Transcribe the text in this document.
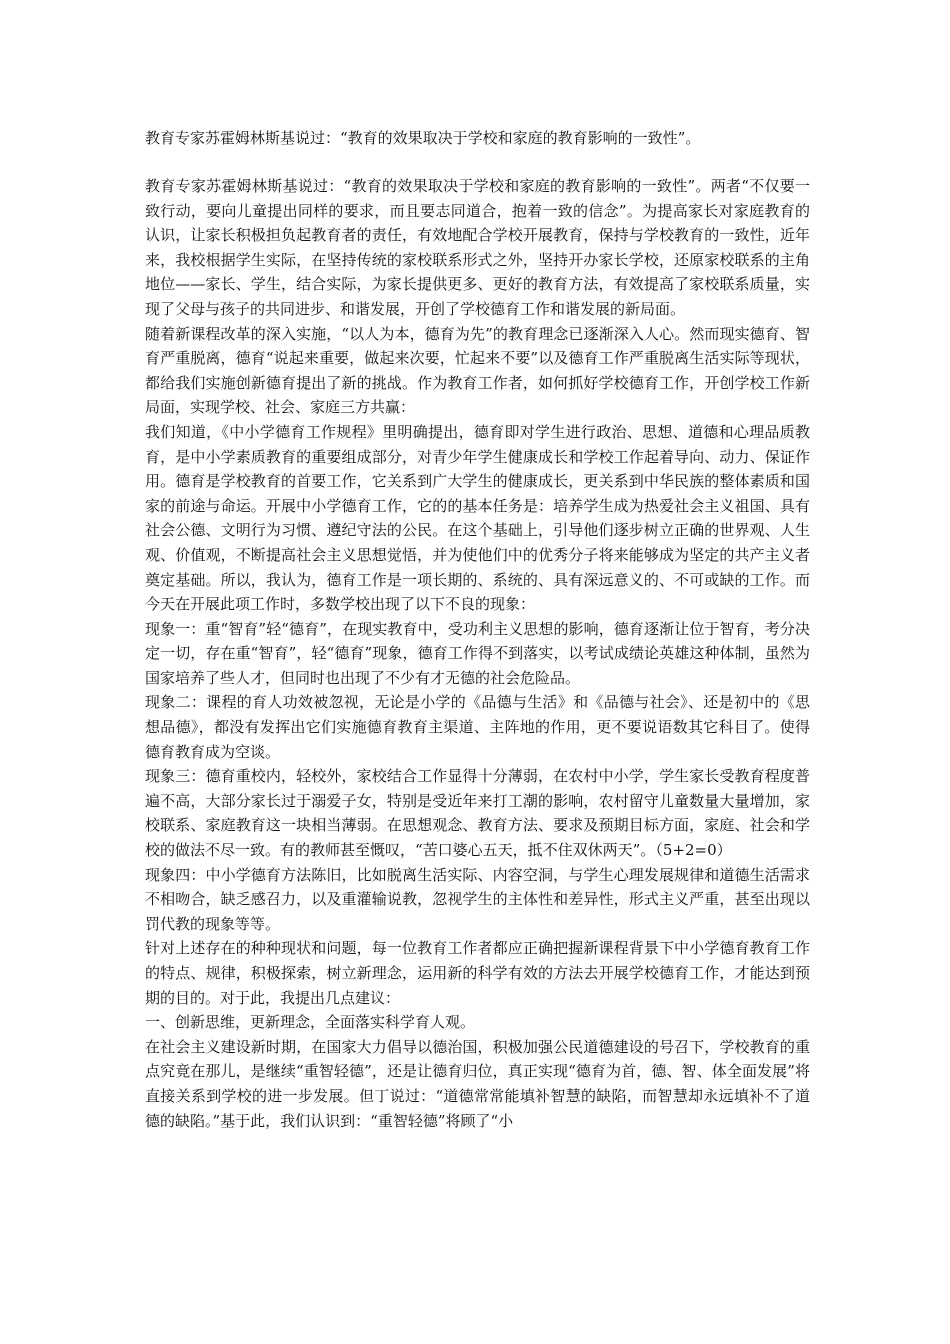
教育专家苏霍姆林斯基说过：“教育的效果取决于学校和家庭的教育影响的一致性”。

教育专家苏霍姆林斯基说过：“教育的效果取决于学校和家庭的教育影响的一致性”。两者“不仅要一致行动，要向儿童提出同样的要求，而且要志同道合，抱着一致的信念”。为提高家长对家庭教育的认识，让家长积极担负起教育者的责任，有效地配合学校开展教育，保持与学校教育的一致性，近年来，我校根据学生实际，在坚持传统的家校联系形式之外，坚持开办家长学校，还原家校联系的主角地位——家长、学生，结合实际，为家长提供更多、更好的教育方法，有效提高了家校联系质量，实现了父母与孩子的共同进步、和谐发展，开创了学校德育工作和谐发展的新局面。

随着新课程改革的深入实施，“以人为本，德育为先”的教育理念已逐渐深入人心。然而现实德育、智育严重脱离，德育“说起来重要，做起来次要，忙起来不要”以及德育工作严重脱离生活实际等现状，都给我们实施创新德育提出了新的挑战。作为教育工作者，如何抓好学校德育工作，开创学校工作新局面，实现学校、社会、家庭三方共赢：

我们知道，《中小学德育工作规程》里明确提出，德育即对学生进行政治、思想、道德和心理品质教育，是中小学素质教育的重要组成部分，对青少年学生健康成长和学校工作起着导向、动力、保证作用。德育是学校教育的首要工作，它关系到广大学生的健康成长，更关系到中华民族的整体素质和国家的前途与命运。开展中小学德育工作，它的的基本任务是：培养学生成为热爱社会主义祖国、具有社会公德、文明行为习惯、遵纪守法的公民。在这个基础上，引导他们逐步树立正确的世界观、人生观、价值观，不断提高社会主义思想觉悟，并为使他们中的优秀分子将来能够成为坚定的共产主义者奠定基础。所以，我认为，德育工作是一项长期的、系统的、具有深远意义的、不可或缺的工作。而今天在开展此项工作时，多数学校出现了以下不良的现象：

现象一：重“智育”轻“德育”，在现实教育中，受功利主义思想的影响，德育逐渐让位于智育，考分决定一切，存在重“智育”，轻“德育”现象，德育工作得不到落实，以考试成绩论英雄这种体制，虽然为国家培养了些人才，但同时也出现了不少有才无德的社会危险品。

现象二：课程的育人功效被忽视，无论是小学的《品德与生活》和《品德与社会》、还是初中的《思想品德》，都没有发挥出它们实施德育教育主渠道、主阵地的作用，更不要说语数其它科目了。使得德育教育成为空谈。

现象三：德育重校内，轻校外，家校结合工作显得十分薄弱，在农村中小学，学生家长受教育程度普遍不高，大部分家长过于溺爱子女，特别是受近年来打工潮的影响，农村留守儿童数量大量增加，家校联系、家庭教育这一块相当薄弱。在思想观念、教育方法、要求及预期目标方面，家庭、社会和学校的做法不尽一致。有的教师甚至慨叹，“苦口婆心五天，抵不住双休两天”。（5+2=0）

现象四：中小学德育方法陈旧，比如脱离生活实际、内容空洞，与学生心理发展规律和道德生活需求不相吻合，缺乏感召力，以及重灌输说教，忽视学生的主体性和差异性，形式主义严重，甚至出现以罚代教的现象等等。

针对上述存在的种种现状和问题，每一位教育工作者都应正确把握新课程背景下中小学德育教育工作的特点、规律，积极探索，树立新理念，运用新的科学有效的方法去开展学校德育工作，才能达到预期的目的。对于此，我提出几点建议：

一、创新思维，更新理念，全面落实科学育人观。

在社会主义建设新时期，在国家大力倡导以德治国，积极加强公民道德建设的号召下，学校教育的重点究竟在那儿，是继续“重智轻德”，还是让德育归位，真正实现“德育为首，德、智、体全面发展”将直接关系到学校的进一步发展。但丁说过：“道德常常能填补智慧的缺陷，而智慧却永远填补不了道德的缺陷。”基于此，我们认识到：“重智轻德”将顾了“小
